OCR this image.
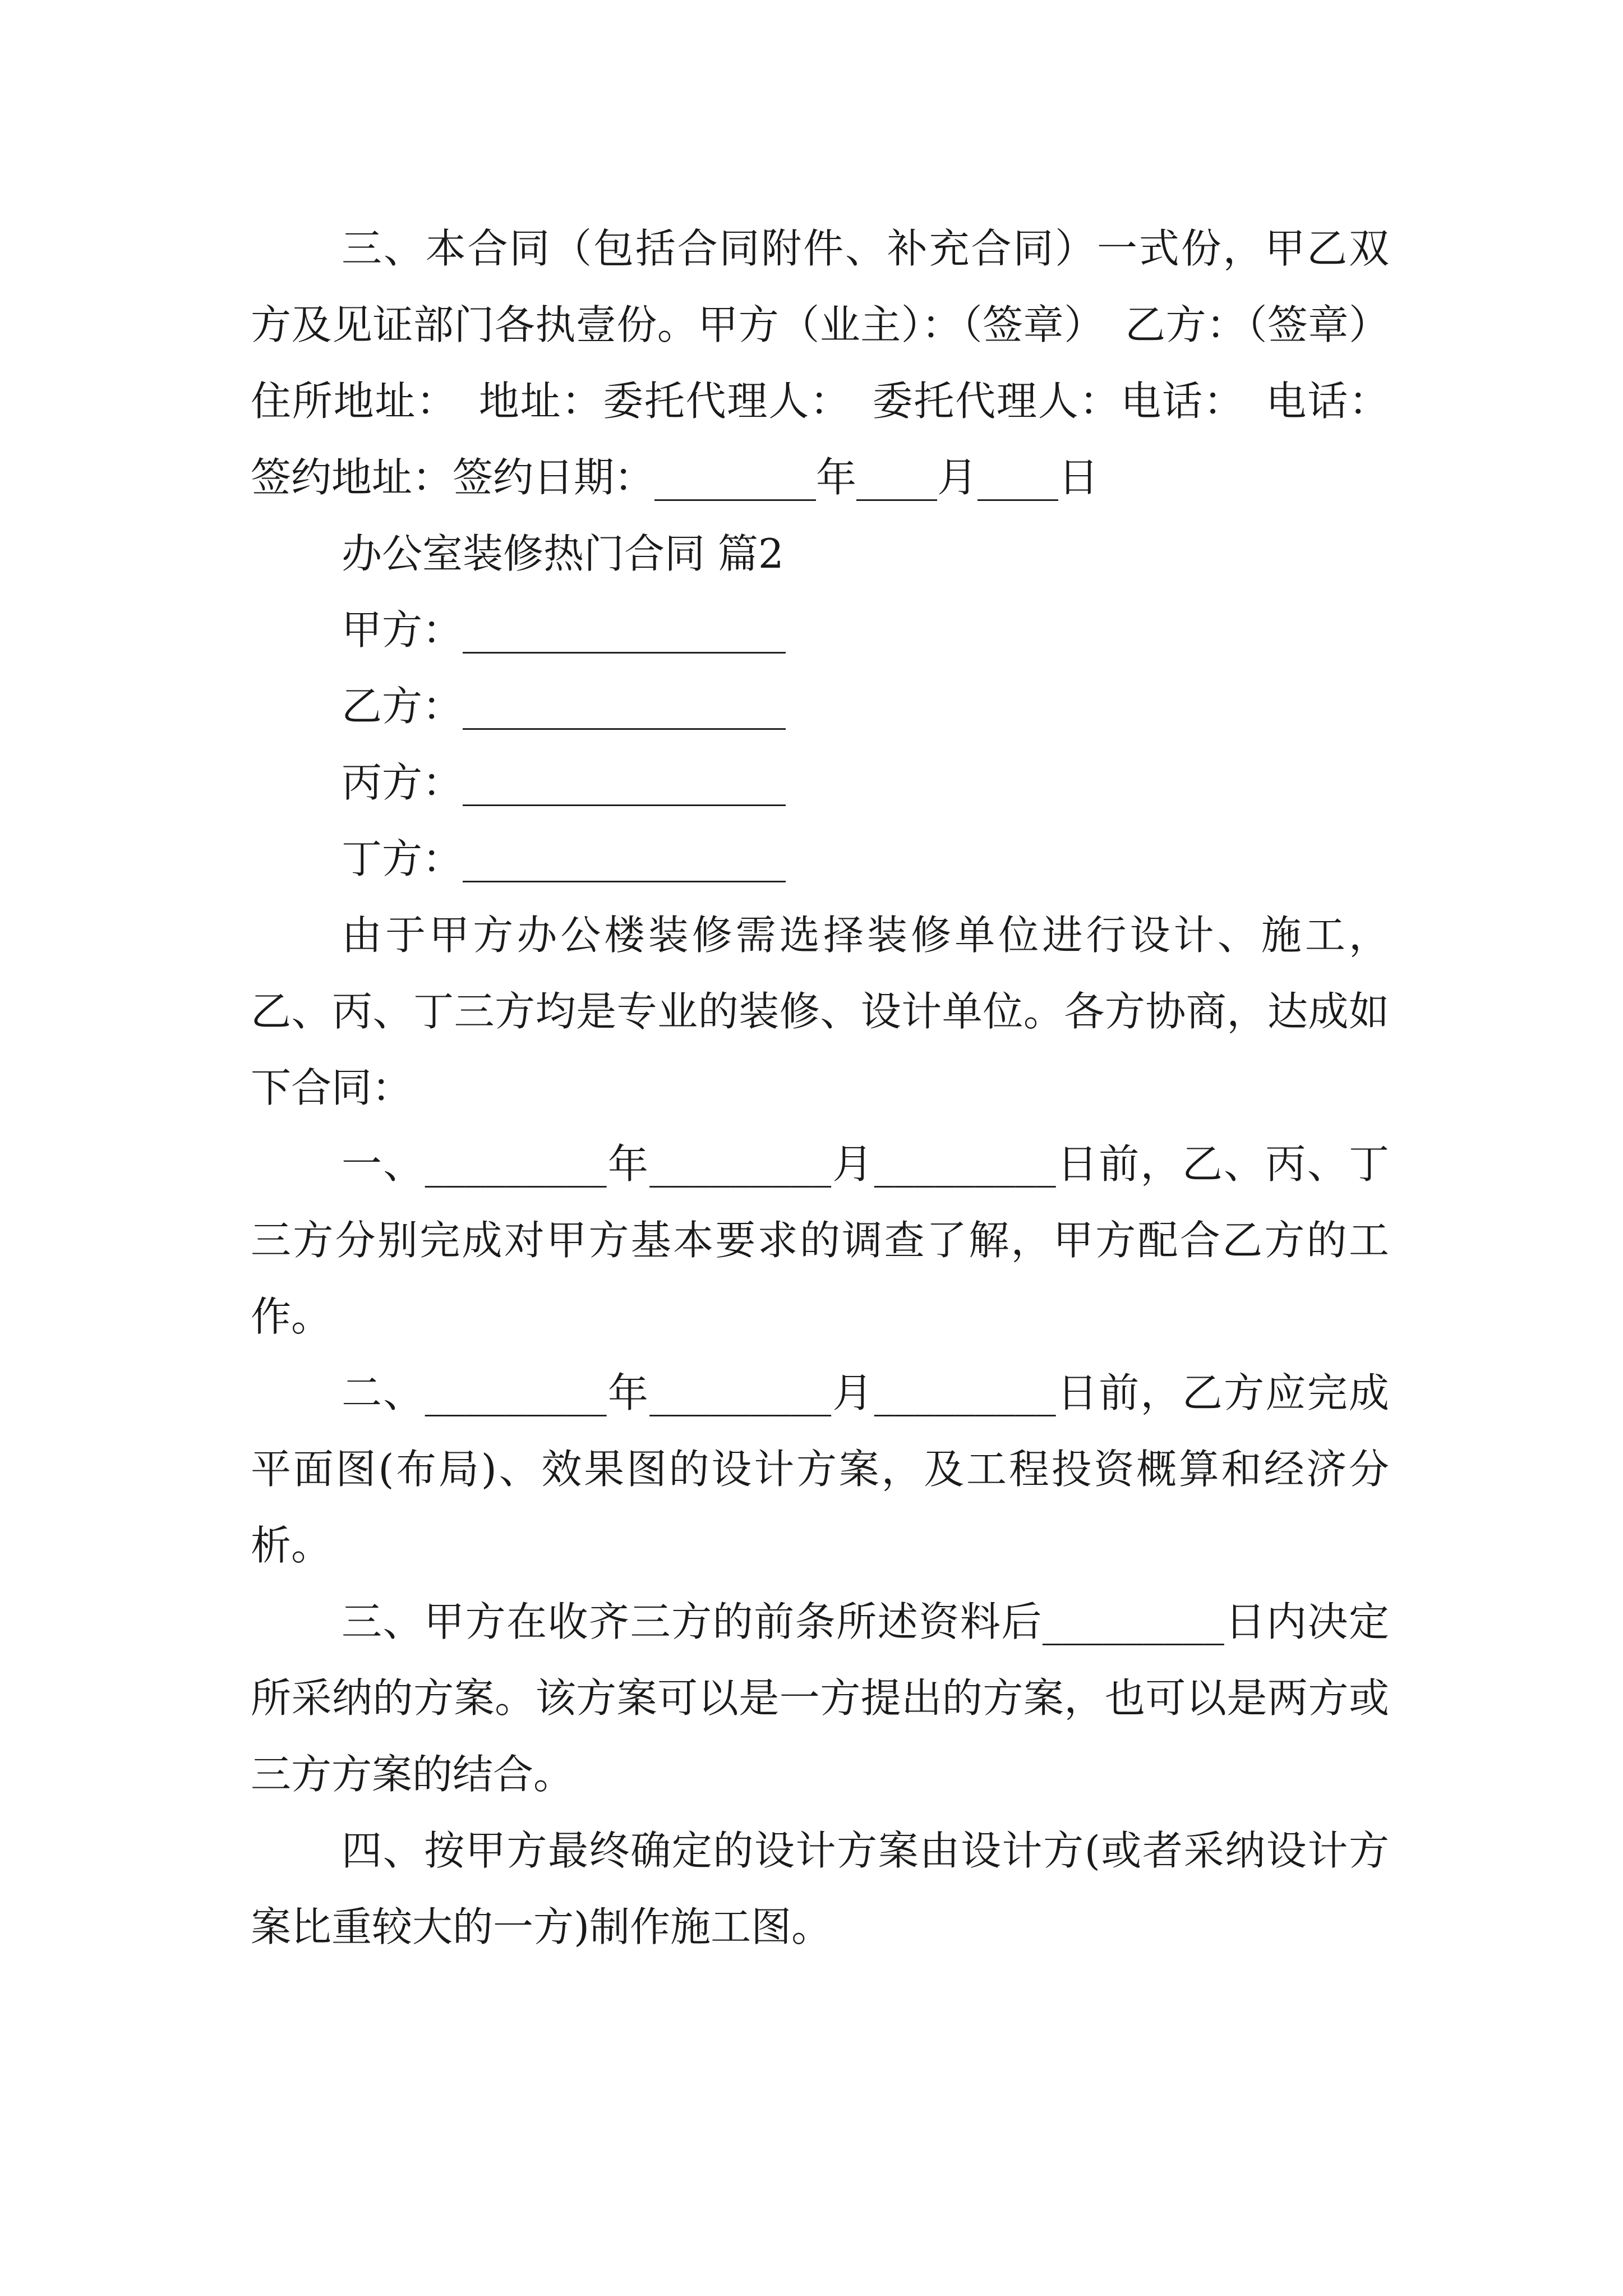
三、本合同（包括合同附件、补充合同）一式份，甲乙双方及见证部门各执壹份。甲方（业主）：（签章）　乙方：（签章）住所地址：　地址：委托代理人：　委托代理人：电话：　电话：签约地址：签约日期：________年____月____日

办公室装修热门合同 篇2

甲方：________________

乙方：________________

丙方：________________

丁方：________________

由于甲方办公楼装修需选择装修单位进行设计、施工，乙、丙、丁三方均是专业的装修、设计单位。各方协商，达成如下合同：

一、_________年_________月_________日前，乙、丙、丁三方分别完成对甲方基本要求的调查了解，甲方配合乙方的工作。

二、_________年_________月_________日前，乙方应完成平面图(布局)、效果图的设计方案，及工程投资概算和经济分析。

三、甲方在收齐三方的前条所述资料后_________日内决定所采纳的方案。该方案可以是一方提出的方案，也可以是两方或三方方案的结合。

四、按甲方最终确定的设计方案由设计方(或者采纳设计方案比重较大的一方)制作施工图。
